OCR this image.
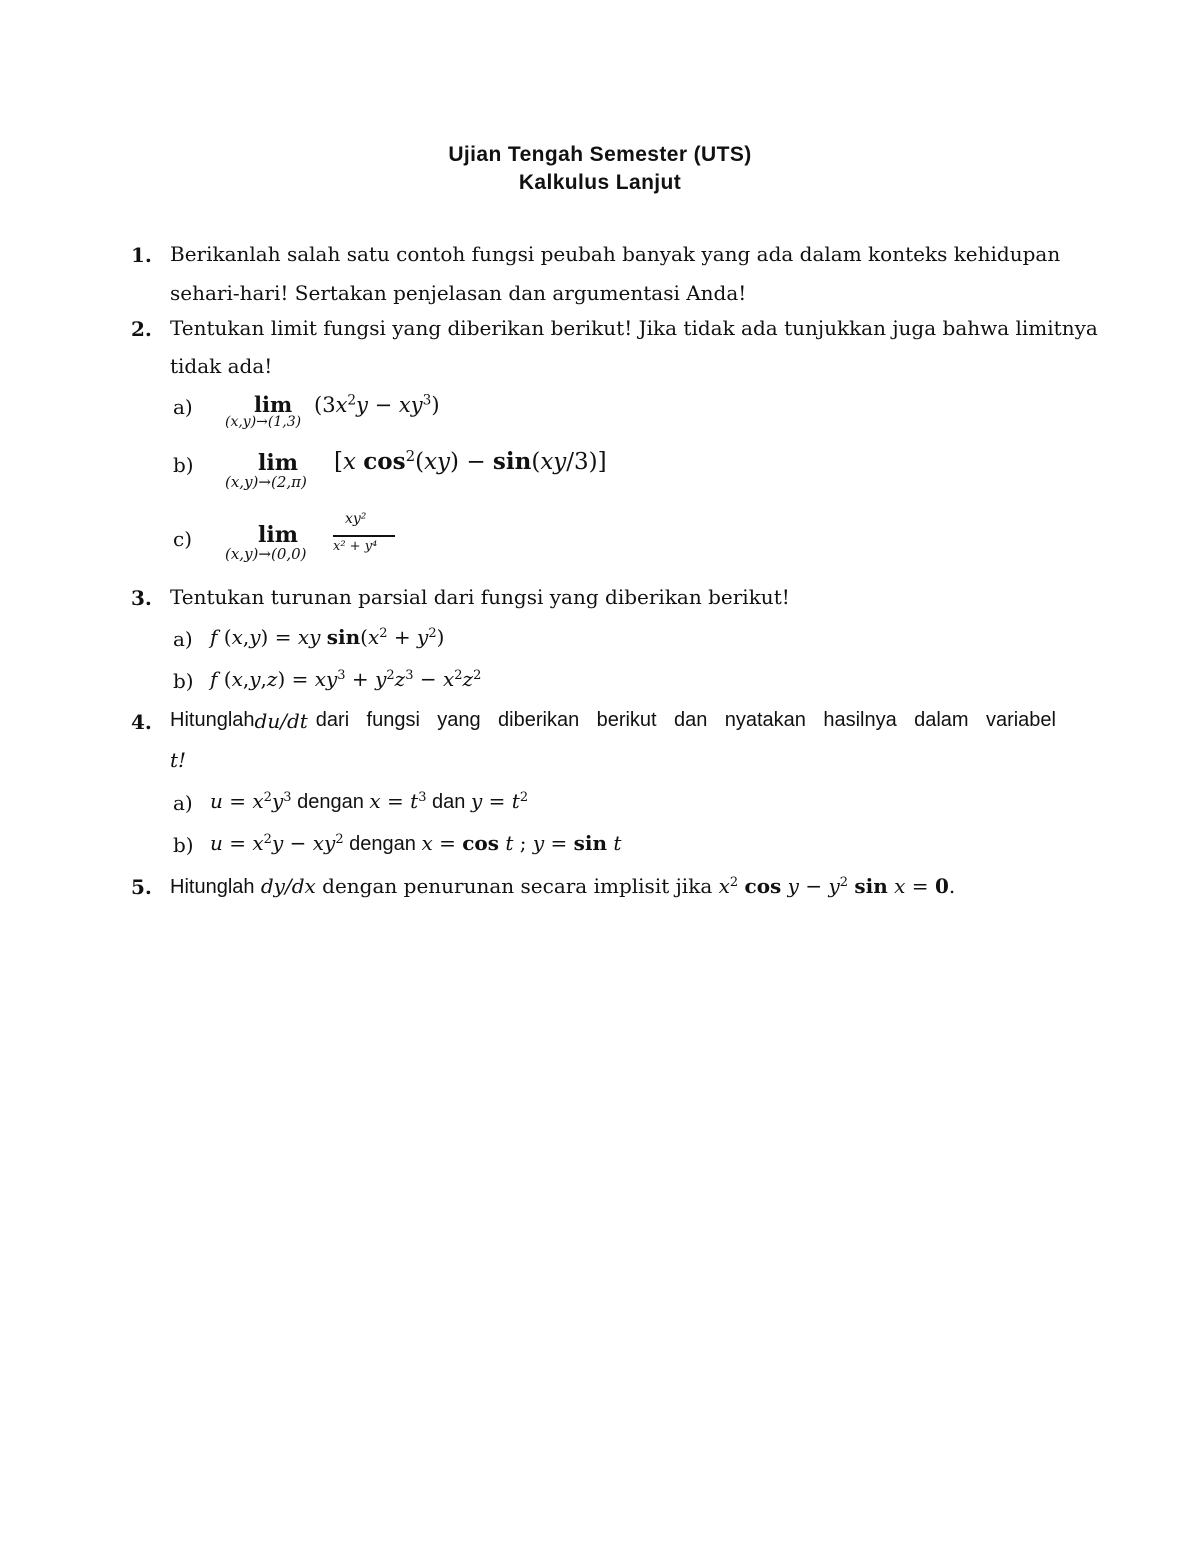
Ujian Tengah Semester (UTS)
Kalkulus Lanjut
1. Berikanlah salah satu contoh fungsi peubah banyak yang ada dalam konteks kehidupan
sehari-hari! Sertakan penjelasan dan argumentasi Anda!
2. Tentukan limit fungsi yang diberikan berikut! Jika tidak ada tunjukkan juga bahwa limitnya
tidak ada!
a)	lim
(x,y)→(1,3)
$(3x^2y - xy^3)$
b)	lim
(x,y)→(2,π)
[x $\cos^2(xy) - \sin(xy/3)$]
c)	lim
(x,y)→(0,0)
xy²
x² + y⁴
3. Tentukan turunan parsial dari fungsi yang diberikan berikut!
a) f (x,y) = xy $\sin(x^2 + y^2)$
b) f $(x,y,z) = xy^3 + y^2z^3 - x^2z^2$
4. Hitunglah du/dt dari fungsi yang diberikan berikut dan nyatakan hasilnya dalam variabel
t!
a) $u = x^2y^3$ dengan $x = t^3$ dan $y = t^2$
b) $u = x^2y - xy^2$ dengan x = cos t ; y = sin t
5. Hitunglah dy/dx dengan penurunan secara implisit jika $x^2$ $\cos y - y^2$ sin x = 0.
